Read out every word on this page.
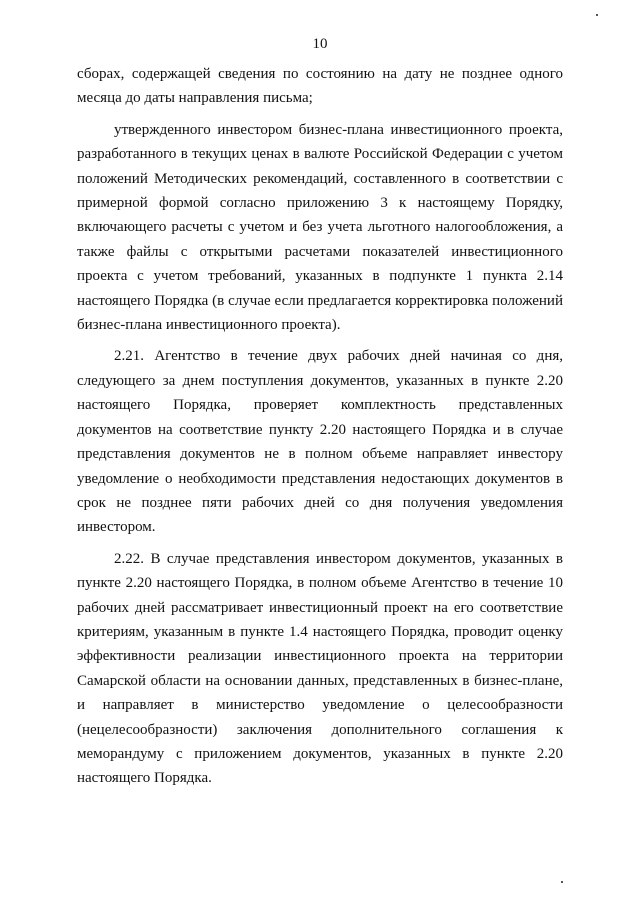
10

сборах, содержащей сведения по состоянию на дату не позднее одного месяца до даты направления письма;

утвержденного инвестором бизнес-плана инвестиционного проекта, разработанного в текущих ценах в валюте Российской Федерации с учетом положений Методических рекомендаций, составленного в соответствии с примерной формой согласно приложению 3 к настоящему Порядку, включающего расчеты с учетом и без учета льготного налогообложения, а также файлы с открытыми расчетами показателей инвестиционного проекта с учетом требований, указанных в подпункте 1 пункта 2.14 настоящего Порядка (в случае если предлагается корректировка положений бизнес-плана инвестиционного проекта).

2.21. Агентство в течение двух рабочих дней начиная со дня, следующего за днем поступления документов, указанных в пункте 2.20 настоящего Порядка, проверяет комплектность представленных документов на соответствие пункту 2.20 настоящего Порядка и в случае представления документов не в полном объеме направляет инвестору уведомление о необходимости представления недостающих документов в срок не позднее пяти рабочих дней со дня получения уведомления инвестором.

2.22. В случае представления инвестором документов, указанных в пункте 2.20 настоящего Порядка, в полном объеме Агентство в течение 10 рабочих дней рассматривает инвестиционный проект на его соответствие критериям, указанным в пункте 1.4 настоящего Порядка, проводит оценку эффективности реализации инвестиционного проекта на территории Самарской области на основании данных, представленных в бизнес-плане, и направляет в министерство уведомление о целесообразности (нецелесообразности) заключения дополнительного соглашения к меморандуму с приложением документов, указанных в пункте 2.20 настоящего Порядка.
